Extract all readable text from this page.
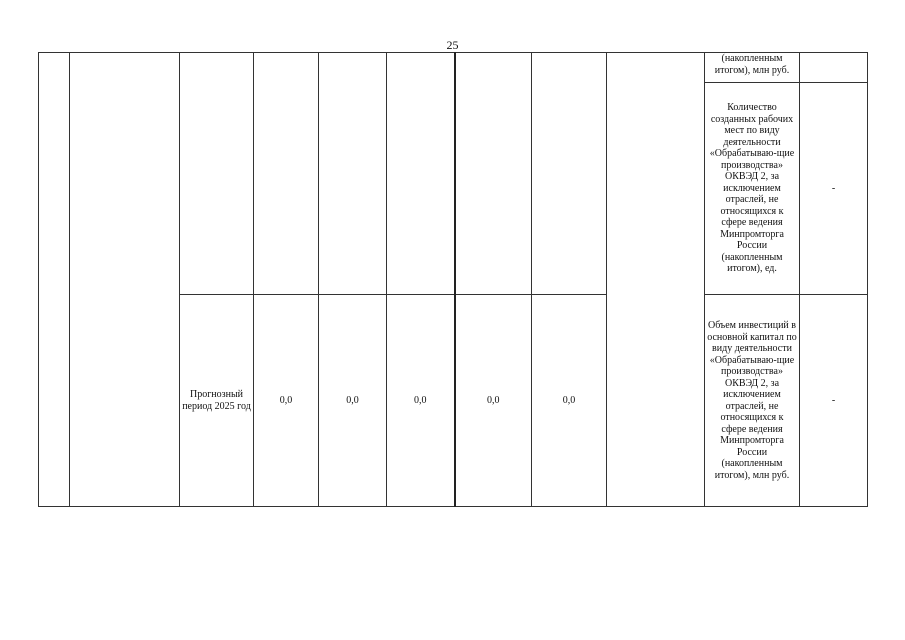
25
									(накопленным итогом), млн руб.	
									Количество созданных рабочих мест по виду деятельности «Обрабатываю-щие производства» ОКВЭД 2, за исключением отраслей, не относящихся к сфере ведения Минпромторга России (накопленным итогом), ед.	-
		Прогнозный период 2025 год	0,0	0,0	0,0	0,0	0,0		Объем инвестиций в основной капитал по виду деятельности «Обрабатываю-щие производства» ОКВЭД 2, за исключением отраслей, не относящихся к сфере ведения Минпромторга России (накопленным итогом), млн руб.	-
